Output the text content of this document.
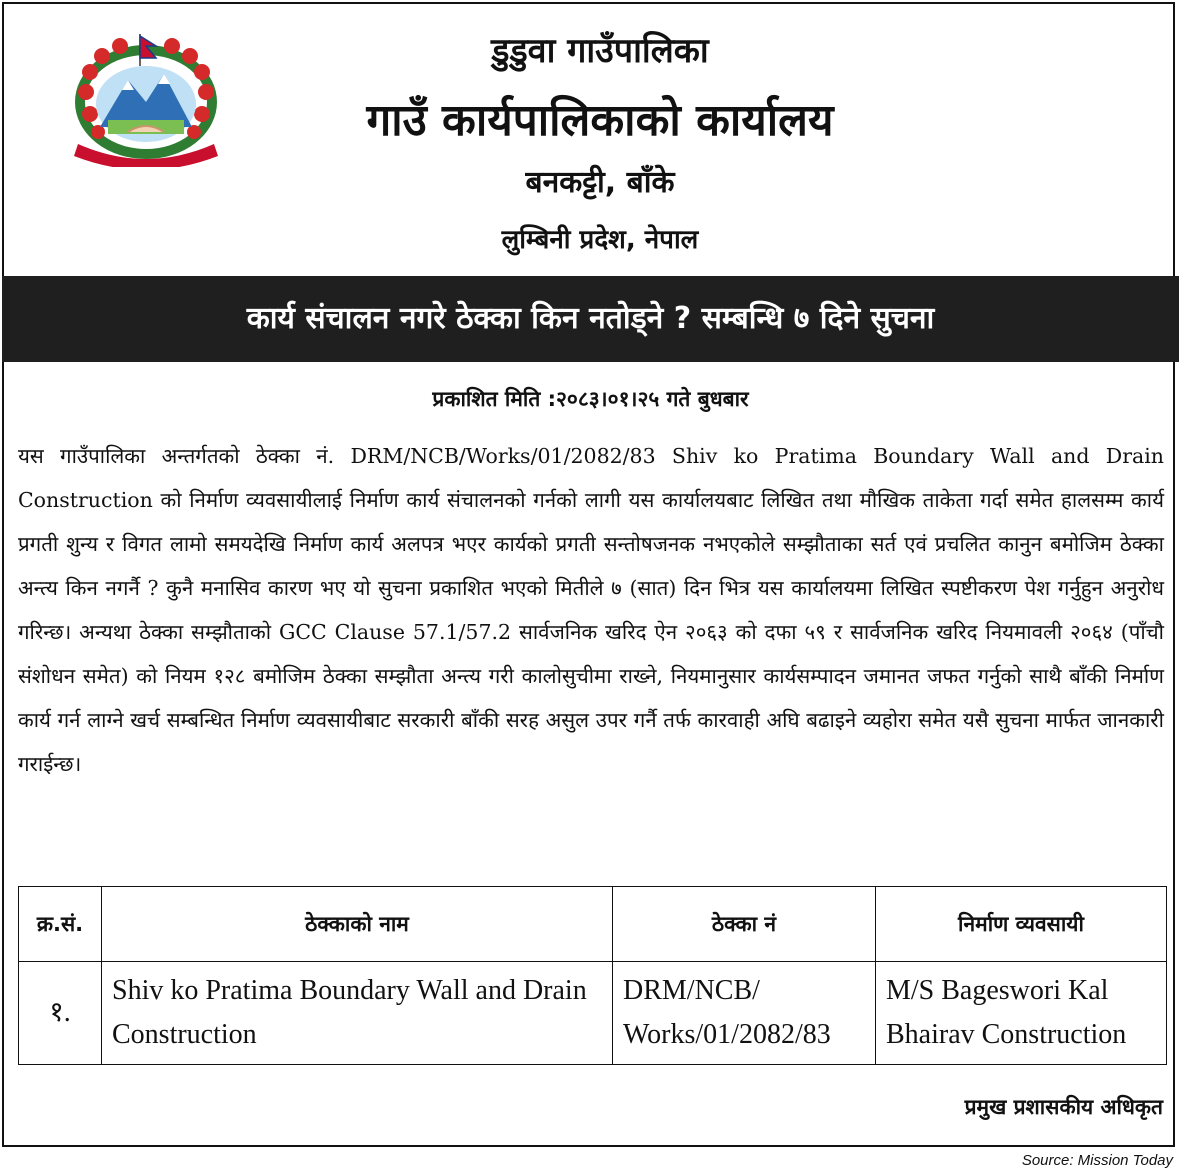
डुडुवा गाउँपालिका
गाउँ कार्यपालिकाको कार्यालय
बनकट्टी, बाँके
लुम्बिनी प्रदेश, नेपाल
कार्य संचालन नगरे ठेक्का किन नतोड्ने ? सम्बन्धि ७ दिने सुचना
प्रकाशित मिति :२०८३।०१।२५ गते बुधबार
यस गाउँपालिका अन्तर्गतको ठेक्का नं. DRM/NCB/Works/01/2082/83 Shiv ko Pratima Boundary Wall and Drain Construction को निर्माण व्यवसायीलाई निर्माण कार्य संचालनको गर्नको लागी यस कार्यालयबाट लिखित तथा मौखिक ताकेता गर्दा समेत हालसम्म कार्य प्रगती शुन्य र विगत लामो समयदेखि निर्माण कार्य अलपत्र भएर कार्यको प्रगती सन्तोषजनक नभएकोले सम्झौताका सर्त एवं प्रचलित कानुन बमोजिम ठेक्का अन्त्य किन नगर्नै ? कुनै मनासिव कारण भए यो सुचना प्रकाशित भएको मितीले ७ (सात) दिन भित्र यस कार्यालयमा लिखित स्पष्टीकरण पेश गर्नुहुन अनुरोध गरिन्छ। अन्यथा ठेक्का सम्झौताको GCC Clause 57.1/57.2 सार्वजनिक खरिद ऐन २०६३ को दफा ५९ र सार्वजनिक खरिद नियमावली २०६४ (पाँचौ संशोधन समेत) को नियम १२८ बमोजिम ठेक्का सम्झौता अन्त्य गरी कालोसुचीमा राख्ने, नियमानुसार कार्यसम्पादन जमानत जफत गर्नुको साथै बाँकी निर्माण कार्य गर्न लाग्ने खर्च सम्बन्धित निर्माण व्यवसायीबाट सरकारी बाँकी सरह असुल उपर गर्नै तर्फ कारवाही अघि बढाइने व्यहोरा समेत यसै सुचना मार्फत जानकारी गराईन्छ।
क्र.सं.	ठेक्काको नाम	ठेक्का नं	निर्माण व्यवसायी
१.	Shiv ko Pratima Boundary Wall and Drain Construction	DRM/NCB/ Works/01/2082/83	M/S Bageswori Kal Bhairav Construction
प्रमुख प्रशासकीय अधिकृत
Source: Mission Today
